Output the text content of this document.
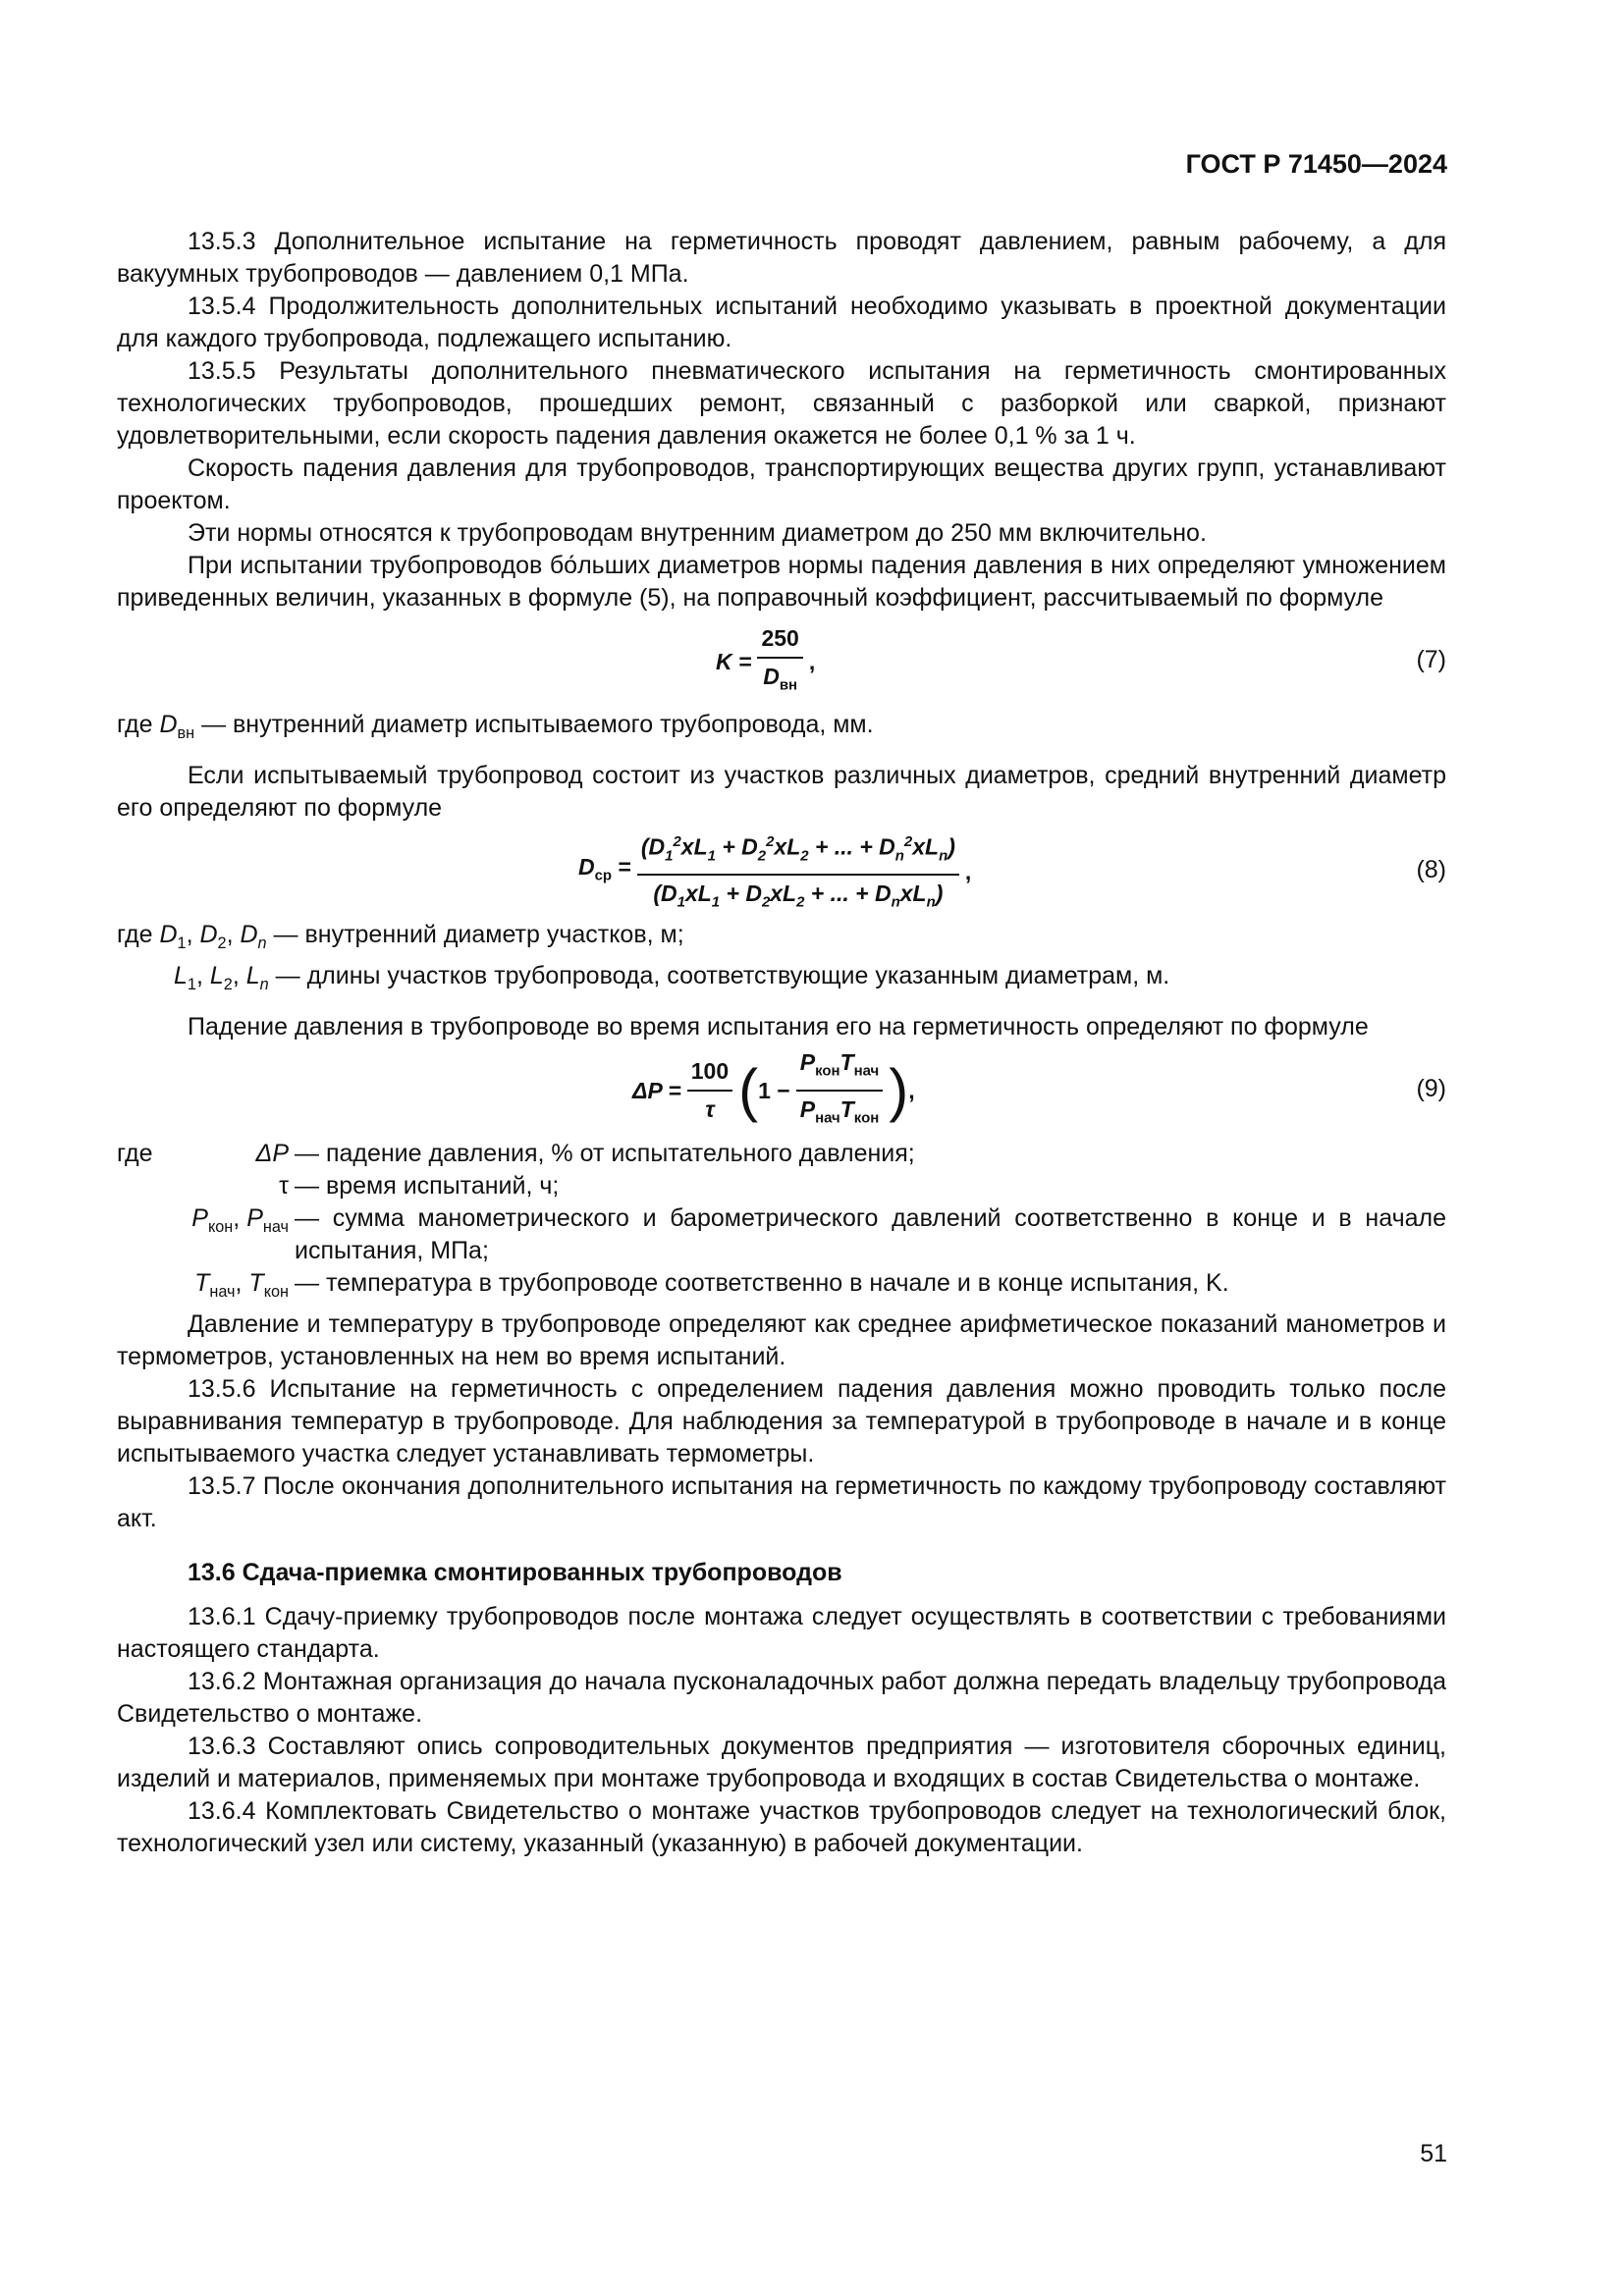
ГОСТ Р 71450—2024

13.5.3 Дополнительное испытание на герметичность проводят давлением, равным рабочему, а для вакуумных трубопроводов — давлением 0,1 МПа.

13.5.4 Продолжительность дополнительных испытаний необходимо указывать в проектной документации для каждого трубопровода, подлежащего испытанию.

13.5.5 Результаты дополнительного пневматического испытания на герметичность смонтированных технологических трубопроводов, прошедших ремонт, связанный с разборкой или сваркой, признают удовлетворительными, если скорость падения давления окажется не более 0,1 % за 1 ч.

Скорость падения давления для трубопроводов, транспортирующих вещества других групп, устанавливают проектом.

Эти нормы относятся к трубопроводам внутренним диаметром до 250 мм включительно.

При испытании трубопроводов бо́льших диаметров нормы падения давления в них определяют умножением приведенных величин, указанных в формуле (5), на поправочный коэффициент, рассчитываемый по формуле

$K = \frac{250}{D_{вн}}$ ,	(7)

где $D_{вн}$ — внутренний диаметр испытываемого трубопровода, мм.

Если испытываемый трубопровод состоит из участков различных диаметров, средний внутренний диаметр его определяют по формуле

$D_{ср} = \frac{(D_1^2xL_1 + D_2^2xL_2 + ... + D_n^2xL_n)}{(D_1xL_1 + D_2xL_2 + ... + D_nxL_n)}$ ,	(8)

где $D_1$, $D_2$, $D_n$ — внутренний диаметр участков, м;

$L_1$, $L_2$, $L_n$ — длины участков трубопровода, соответствующие указанным диаметрам, м.

Падение давления в трубопроводе во время испытания его на герметичность определяют по формуле

$\Delta P = \frac{100}{\tau}$ ( $1 - \frac{P_{кон}T_{нач}}{P_{нач}T_{кон}}$ ) ,	(9)
где	ΔP — падение давления, % от испытательного давления;
τ — время испытаний, ч;
$P_{кон}$, $P_{нач}$ — сумма манометрического и барометрического давлений соответственно в конце и в начале испытания, МПа;
$T_{нач}$, $T_{кон}$ — температура в трубопроводе соответственно в начале и в конце испытания, K.

Давление и температуру в трубопроводе определяют как среднее арифметическое показаний манометров и термометров, установленных на нем во время испытаний.

13.5.6 Испытание на герметичность с определением падения давления можно проводить только после выравнивания температур в трубопроводе. Для наблюдения за температурой в трубопроводе в начале и в конце испытываемого участка следует устанавливать термометры.

13.5.7 После окончания дополнительного испытания на герметичность по каждому трубопроводу составляют акт.

13.6 Сдача-приемка смонтированных трубопроводов

13.6.1 Сдачу-приемку трубопроводов после монтажа следует осуществлять в соответствии с требованиями настоящего стандарта.

13.6.2 Монтажная организация до начала пусконаладочных работ должна передать владельцу трубопровода Свидетельство о монтаже.

13.6.3 Составляют опись сопроводительных документов предприятия — изготовителя сборочных единиц, изделий и материалов, применяемых при монтаже трубопровода и входящих в состав Свидетельства о монтаже.

13.6.4 Комплектовать Свидетельство о монтаже участков трубопроводов следует на технологический блок, технологический узел или систему, указанный (указанную) в рабочей документации.

51
